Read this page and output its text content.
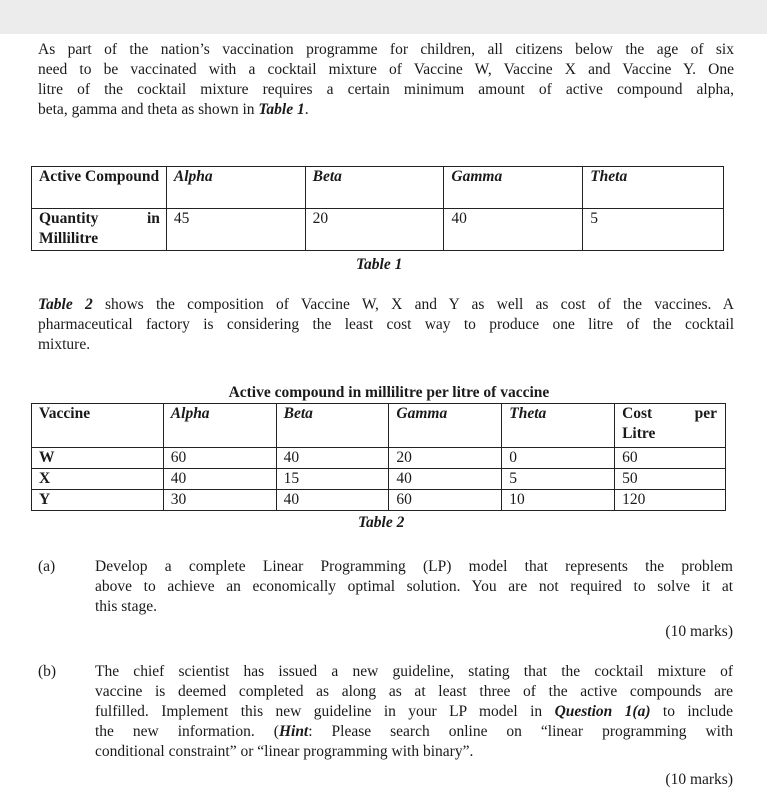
As part of the nation’s vaccination programme for children, all citizens below the age of six
need to be vaccinated with a cocktail mixture of Vaccine W, Vaccine X and Vaccine Y. One
litre of the cocktail mixture requires a certain minimum amount of active compound alpha,
beta, gamma and theta as shown in Table 1.
Active Compound	Alpha	Beta	Gamma	Theta

Quantity in
Millilitre	45	20	40	5
Table 1
Table 2 shows the composition of Vaccine W, X and Y as well as cost of the vaccines. A
pharmaceutical factory is considering the least cost way to produce one litre of the cocktail
mixture.
	Active compound in millilitre per litre of vaccine				
Vaccine	Alpha	Beta	Gamma	Theta	Cost per
Litre

W	60	40	20	0	60
X	40	15	40	5	50
Y	30	40	60	10	120
Table 2
(a)	Develop a complete Linear Programming (LP) model that represents the problem
above to achieve an economically optimal solution. You are not required to solve it at
this stage.
(10 marks)
(b)	The chief scientist has issued a new guideline, stating that the cocktail mixture of
vaccine is deemed completed as along as at least three of the active compounds are
fulfilled. Implement this new guideline in your LP model in Question 1(a) to include
the new information. (Hint: Please search online on “linear programming with
conditional constraint” or “linear programming with binary”.
(10 marks)
